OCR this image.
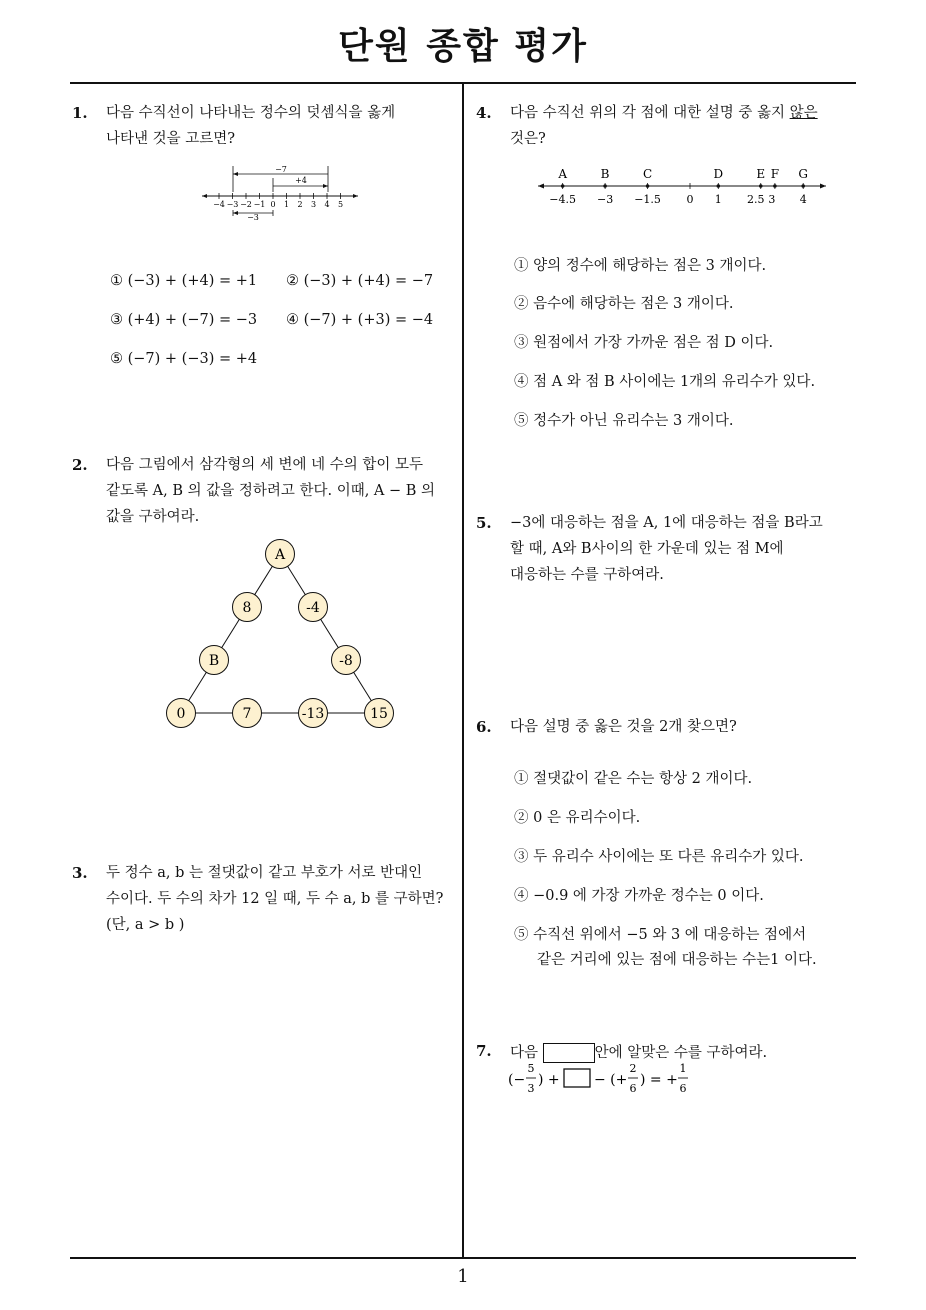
단원 종합 평가
1. 다음 수직선이 나타내는 정수의 덧셈식을 옳게
나타낸 것을 고르면?
−7
+4
−4 −3 −2 −1 0 1 2 3 4 5
−3
① (−3) + (+4) = +1 ② (−3) + (+4) = −7
③ (+4) + (−7) = −3 ④ (−7) + (+3) = −4
⑤ (−7) + (−3) = +4
2. 다음 그림에서 삼각형의 세 변에 네 수의 합이 모두
같도록 A, B 의 값을 정하려고 한다. 이때, A − B 의
값을 구하여라.
A
8	-4
B	-8
0	7	-13	15
3. 두 정수 a, b 는 절댓값이 같고 부호가 서로 반대인
수이다. 두 수의 차가 12 일 때, 두 수 a, b 를 구하면?
(단, a > b )
4. 다음 수직선 위의 각 점에 대한 설명 중 옳지 않은
것은?
−4.5 −3 −1.5 0 1 2.5 3 4
A	B	C	D	E F G
① 양의 정수에 해당하는 점은 3 개이다.
② 음수에 해당하는 점은 3 개이다.
③ 원점에서 가장 가까운 점은 점 D 이다.
④ 점 A 와 점 B 사이에는 1개의 유리수가 있다.
⑤ 정수가 아닌 유리수는 3 개이다.
5. −3에 대응하는 점을 A, 1에 대응하는 점을 B라고
할 때, A와 B사이의 한 가운데 있는 점 M에
대응하는 수를 구하여라.
6. 다음 설명 중 옳은 것을 2개 찾으면?
① 절댓값이 같은 수는 항상 2 개이다.
② 0 은 유리수이다.
③ 두 유리수 사이에는 또 다른 유리수가 있다.
④ −0.9 에 가장 가까운 정수는 0 이다.
⑤ 수직선 위에서 −5 와 3 에 대응하는 점에서
같은 거리에 있는 점에 대응하는 수는1 이다.
7. 다음	안에 알맞은 수를 구하여라.
(−
5
3
) + − (+
2
6
) = +
1
6
1
